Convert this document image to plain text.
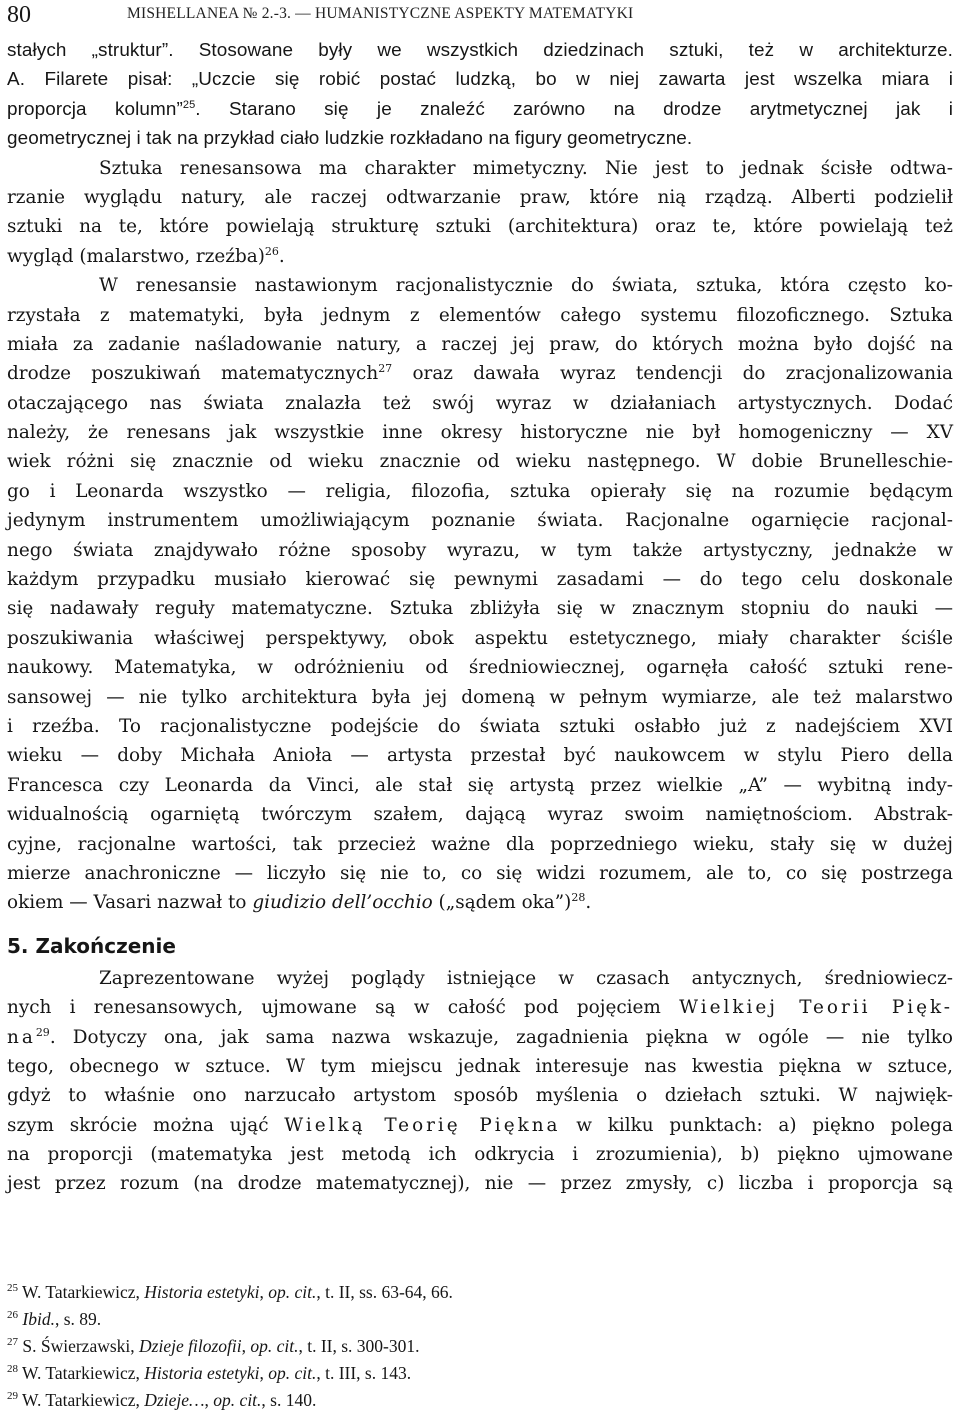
80	MISHELLANEA № 2.-3. — HUMANISTYCZNE ASPEKTY MATEMATYKI
stałych „struktur”. Stosowane były we wszystkich dziedzinach sztuki, też w architekturze.
A. Filarete pisał: „Uczcie się robić postać ludzką, bo w niej zawarta jest wszelka miara i
proporcja kolumn”$^{25}$. Starano się je znaleźć zarówno na drodze arytmetycznej jak i
geometrycznej i tak na przykład ciało ludzkie rozkładano na figury geometryczne.
Sztuka renesansowa ma charakter mimetyczny. Nie jest to jednak ścisłe odtwa-
rzanie wyglądu natury, ale raczej odtwarzanie praw, które nią rządzą. Alberti podzielił
sztuki na te, które powielają strukturę sztuki (architektura) oraz te, które powielają też
wygląd (malarstwo, rzeźba)$^{26}$.
W renesansie nastawionym racjonalistycznie do świata, sztuka, która często ko-
rzystała z matematyki, była jednym z elementów całego systemu filozoficznego. Sztuka
miała za zadanie naśladowanie natury, a raczej jej praw, do których można było dojść na
drodze poszukiwań matematycznych$^{27}$ oraz dawała wyraz tendencji do zracjonalizowania
otaczającego nas świata znalazła też swój wyraz w działaniach artystycznych. Dodać
należy, że renesans jak wszystkie inne okresy historyczne nie był homogeniczny — XV
wiek różni się znacznie od wieku znacznie od wieku następnego. W dobie Brunelleschie-
go i Leonarda wszystko — religia, filozofia, sztuka opierały się na rozumie będącym
jedynym instrumentem umożliwiającym poznanie świata. Racjonalne ogarnięcie racjonal-
nego świata znajdywało różne sposoby wyrazu, w tym także artystyczny, jednakże w
każdym przypadku musiało kierować się pewnymi zasadami — do tego celu doskonale
się nadawały reguły matematyczne. Sztuka zbliżyła się w znacznym stopniu do nauki —
poszukiwania właściwej perspektywy, obok aspektu estetycznego, miały charakter ściśle
naukowy. Matematyka, w odróżnieniu od średniowiecznej, ogarnęła całość sztuki rene-
sansowej — nie tylko architektura była jej domeną w pełnym wymiarze, ale też malarstwo
i rzeźba. To racjonalistyczne podejście do świata sztuki osłabło już z nadejściem XVI
wieku — doby Michała Anioła — artysta przestał być naukowcem w stylu Piero della
Francesca czy Leonarda da Vinci, ale stał się artystą przez wielkie „A” — wybitną indy-
widualnością ogarniętą twórczym szałem, dającą wyraz swoim namiętnościom. Abstrak-
cyjne, racjonalne wartości, tak przecież ważne dla poprzedniego wieku, stały się w dużej
mierze anachroniczne — liczyło się nie to, co się widzi rozumem, ale to, co się postrzega
okiem — Vasari nazwał to giudizio dell’occhio („sądem oka”)$^{28}$.
5. Zakończenie
Zaprezentowane wyżej poglądy istniejące w czasach antycznych, średniowiecz-
nych i renesansowych, ujmowane są w całość pod pojęciem Wielkiej Teorii Pięk-
$na^{29}$. Dotyczy ona, jak sama nazwa wskazuje, zagadnienia piękna w ogóle — nie tylko
tego, obecnego w sztuce. W tym miejscu jednak interesuje nas kwestia piękna w sztuce,
gdyż to właśnie ono narzucało artystom sposób myślenia o dziełach sztuki. W najwięk-
szym skrócie można ująć Wielką Teorię Piękna w kilku punktach: a) piękno polega
na proporcji (matematyka jest metodą ich odkrycia i zrozumienia), b) piękno ujmowane
jest przez rozum (na drodze matematycznej), nie — przez zmysły, c) liczba i proporcja są
$^{25}$ W. Tatarkiewicz, Historia estetyki, op. cit., t. II, ss. 63-64, 66.
$^{26}$ Ibid., s. 89.
$^{27}$ S. Świerzawski, Dzieje filozofii, op. cit., t. II, s. 300-301.
$^{28}$ W. Tatarkiewicz, Historia estetyki, op. cit., t. III, s. 143.
$^{29}$ W. Tatarkiewicz, Dzieje…, op. cit., s. 140.
